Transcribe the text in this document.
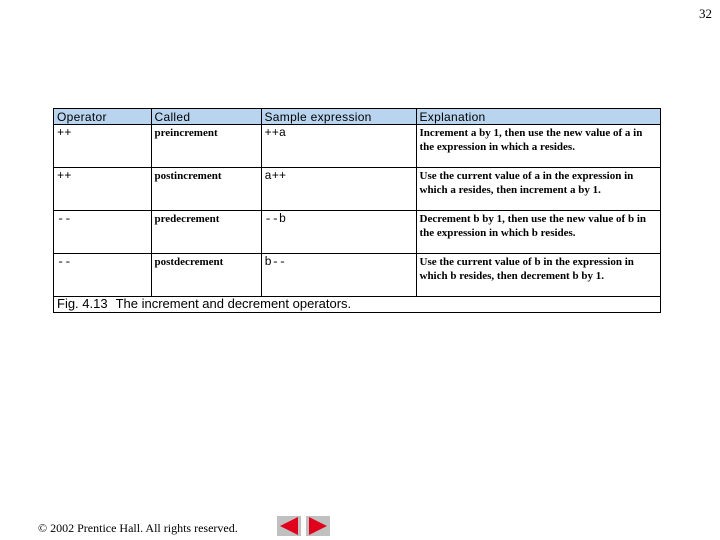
32
Operator	Called	Sample expression	Explanation
++	preincrement	++a	Increment a by 1, then use the new value of a in the expression in which a resides.
++	postincrement	a++	Use the current value of a in the expression in which a resides, then increment a by 1.
--	predecrement	--b	Decrement b by 1, then use the new value of b in the expression in which b resides.
--	postdecrement	b--	Use the current value of b in the expression in which b resides, then decrement b by 1.
Fig. 4.13 The increment and decrement operators.
© 2002 Prentice Hall. All rights reserved.
